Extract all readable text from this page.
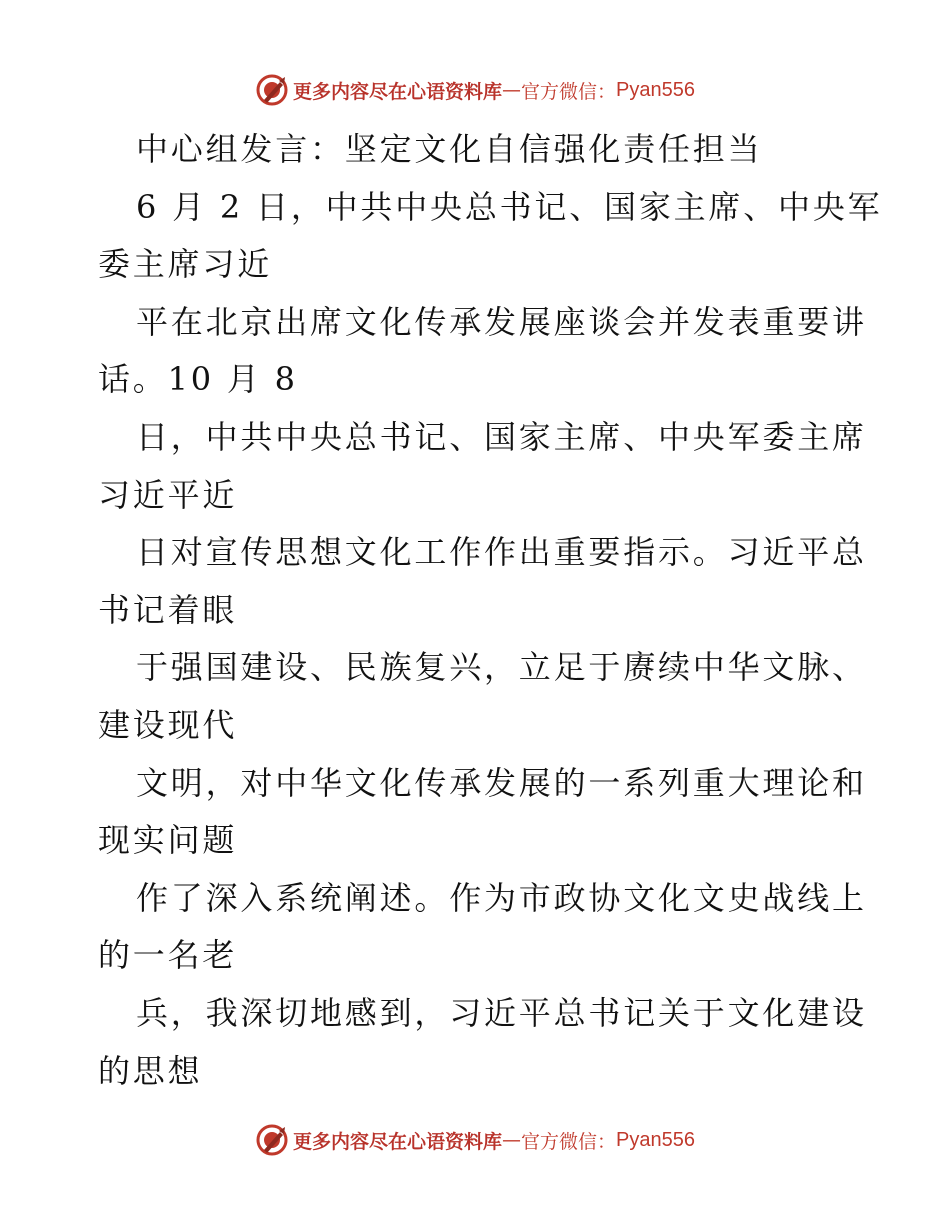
更多内容尽在心语资料库 — 官方微信： Pyan556
中心组发言：坚定文化自信强化责任担当
6 月 2 日，中共中央总书记、国家主席、中央军
委主席习近
平在北京出席文化传承发展座谈会并发表重要讲
话。10 月 8
日，中共中央总书记、国家主席、中央军委主席
习近平近
日对宣传思想文化工作作出重要指示。习近平总
书记着眼
于强国建设、民族复兴，立足于赓续中华文脉、
建设现代
文明，对中华文化传承发展的一系列重大理论和
现实问题
作了深入系统阐述。作为市政协文化文史战线上
的一名老
兵，我深切地感到，习近平总书记关于文化建设
的思想
更多内容尽在心语资料库 — 官方微信： Pyan556
